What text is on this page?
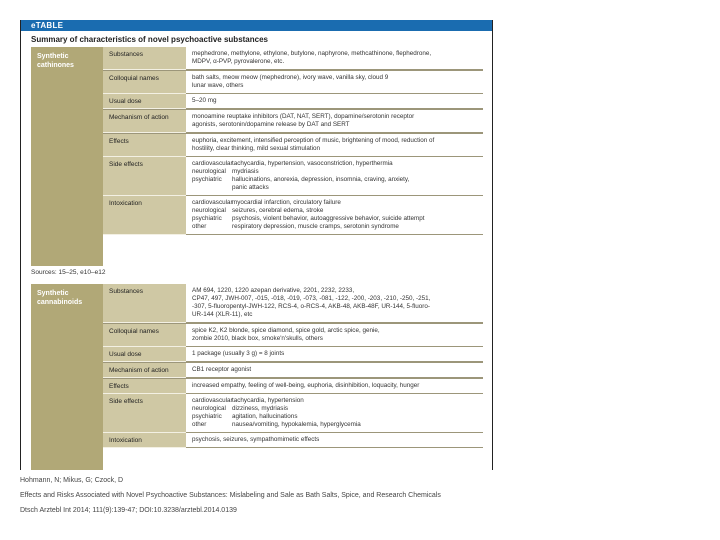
eTABLE
Summary of characteristics of novel psychoactive substances
Synthetic
cathinones
Substances	mephedrone, methylone, ethylone, butylone, naphyrone, methcathinone, flephedrone,
MDPV, α-PVP, pyrovalerone, etc.
Colloquial names	bath salts, meow meow (mephedrone), ivory wave, vanilla sky, cloud 9
lunar wave, others
Usual dose	5–20 mg
Mechanism of action	monoamine reuptake inhibitors (DAT, NAT, SERT), dopamine/serotonin receptor
agonists, serotonin/dopamine release by DAT and SERT
Effects	euphoria, excitement, intensified perception of music, brightening of mood, reduction of
hostility, clear thinking, mild sexual stimulation
Side effects	cardiovascular tachycardia, hypertension, vasoconstriction, hyperthermia
neurological mydriasis
psychiatric	hallucinations, anorexia, depression, insomnia, craving, anxiety,
panic attacks
Intoxication	cardiovascular myocardial infarction, circulatory failure
neurological seizures, cerebral edema, stroke
psychiatric	psychosis, violent behavior, autoaggressive behavior, suicide attempt
other	respiratory depression, muscle cramps, serotonin syndrome
Sources: 15–25, e10–e12
Synthetic
cannabinoids
Substances	AM 694, 1220, 1220 azepan derivative, 2201, 2232, 2233,
CP47, 497, JWH-007, -015, -018, -019, -073, -081, -122, -200, -203, -210, -250, -251,
-307, 5-fluoropentyl-JWH-122, RCS-4, o-RCS-4, AKB-48, AKB-48F, UR-144, 5-fluoro-
UR-144 (XLR-11), etc
Colloquial names	spice K2, K2 blonde, spice diamond, spice gold, arctic spice, genie,
zombie 2010, black box, smoke'n'skulls, others
Usual dose	1 package (usually 3 g) = 8 joints
Mechanism of action	CB1 receptor agonist
Effects	increased empathy, feeling of well-being, euphoria, disinhibition, loquacity, hunger
Side effects	cardiovascular tachycardia, hypertension
neurological dizziness, mydriasis
psychiatric	agitation, hallucinations
other	nausea/vomiting, hypokalemia, hyperglycemia
Intoxication	psychosis, seizures, sympathomimetic effects
Hohmann, N; Mikus, G; Czock, D
Effects and Risks Associated with Novel Psychoactive Substances: Mislabeling and Sale as Bath Salts, Spice, and Research Chemicals
Dtsch Arztebl Int 2014; 111(9):139-47; DOI:10.3238/arztebl.2014.0139
